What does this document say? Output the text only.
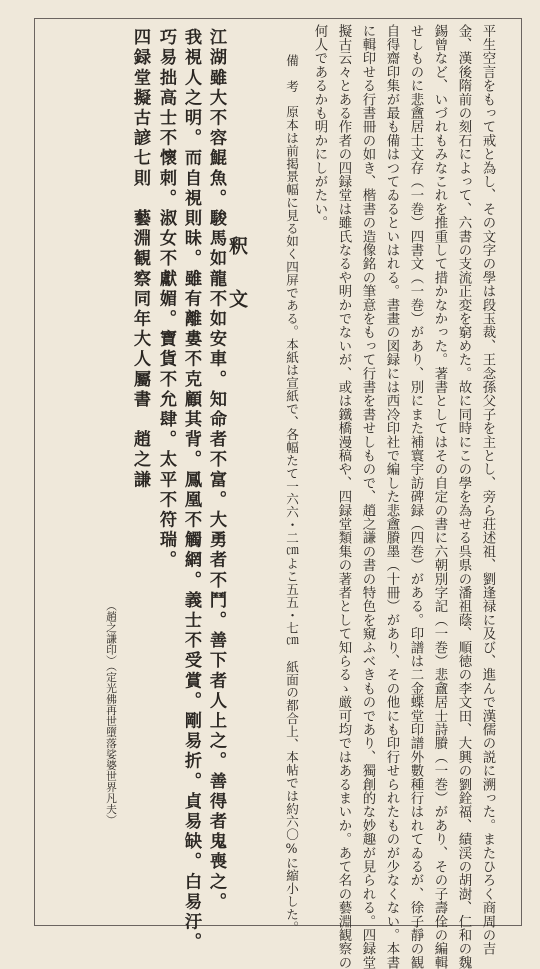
平生空言をもって戒と為し、その文字の學は段玉裁、王念孫父子を主とし、旁ら荘述祖、劉逢禄に及び、進んで漢儒の説に溯った。またひろく商周の吉
金、漢後隋前の刻石によって、六書の支流正変を窮めた。故に同時にこの學を為せる呉県の潘祖蔭、順徳の李文田、大興の劉銓福、績渓の胡澍、仁和の魏
錫曾など、いづれもみなこれを推重して措かなかった。著書としてはその自定の書に六朝別字記（一巻）悲盦居士詩賸（一巻）があり、その子壽佺の編輯
せしものに悲盦居士文存（一巻）四書文（一巻）があり、別にまた補寰宇訪碑録（四巻）がある。印譜は二金蝶堂印譜外數種行はれてゐるが、徐子靜の観
自得齋印集が最も備はつてゐるといはれる。書畫の図録には西冷印社で編した悲盦賸墨（十冊）があり、その他にも印行せられたものが少なくない。本書
に輯印せる行書冊の如き、楷書の造像銘の筆意をもって行書を書せしもので、趙之謙の書の特色を窺ふべきものであり、獨創的な妙趣が見られる。四録堂
擬古云々とある作者の四録堂は雖氏なるや明かでないが、或は鐵橋漫稿や、四録堂類集の著者として知らるゝ厳可均ではあるまいか。あて名の藝淵観察の
何人であるかも明かにしがたい。
備　考　原本は前掲景幅に見る如く四屏である。本紙は宣紙で、各幅たて一六六・二㎝よこ五五・七㎝　紙面の都合上、本帖では約六〇%に縮小した。
釈文
江湖雖大不容鯤魚。駿馬如龍不如安車。知命者不富。大勇者不鬥。善下者人上之。善得者鬼喪之。
我視人之明。而自視則昧。雖有離婁不克顧其背。鳳凰不觸網。義士不受賞。剛易折。貞易缺。白易汙。
巧易拙高士不懷刺。淑女不獻媚。寶貨不允肆。太平不符瑞。
四録堂擬古諺七則　藝淵観察同年大人屬書　趙之謙
（趙之謙印）（定光佛再世墮落娑婆世界凡夫）
